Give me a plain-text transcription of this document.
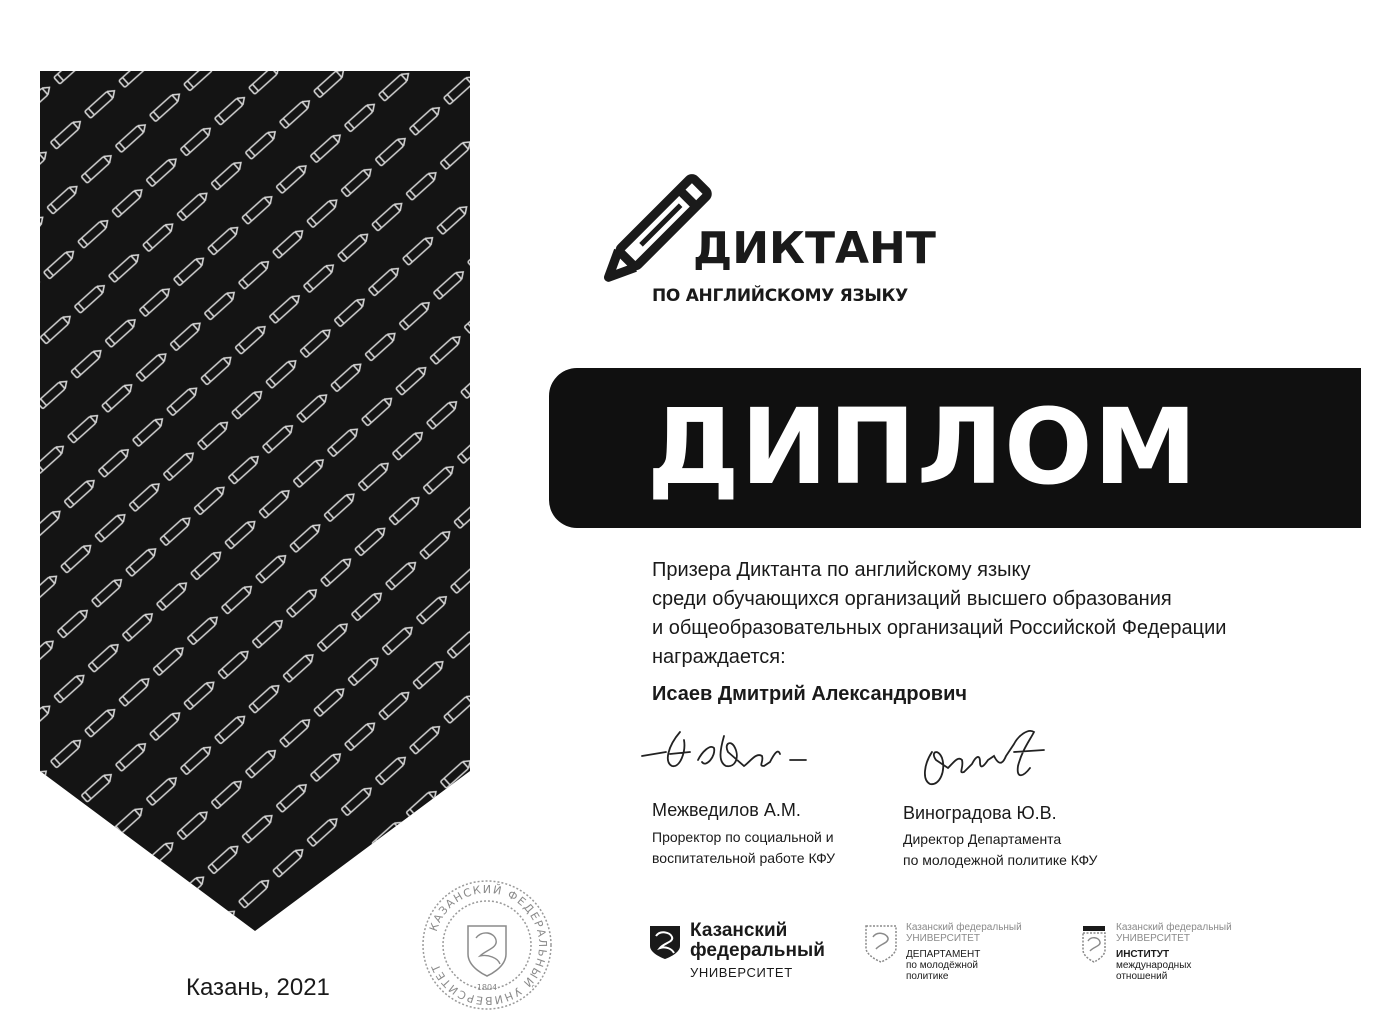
ДИКТАНТ
ПО АНГЛИЙСКОМУ ЯЗЫКУ
ДИПЛОМ
Призера Диктанта по английскому языку
среди обучающихся организаций высшего образования
и общеобразовательных организаций Российской Федерации
награждается:
Исаев Дмитрий Александрович
Межведилов А.М.
Проректор по социальной и
воспитательной работе КФУ
Виноградова Ю.В.
Директор Департамента
по молодежной политике КФУ
КАЗАНСКИЙ ФЕДЕРАЛЬНЫЙ УНИВЕРСИТЕТ
1804
Казань, 2021
Казанский
федеральный
УНИВЕРСИТЕТ
Казанский федеральный
УНИВЕРСИТЕТ
ДЕПАРТАМЕНТ
по молодёжной
политике
Казанский федеральный
УНИВЕРСИТЕТ
ИНСТИТУТ
международных
отношений
